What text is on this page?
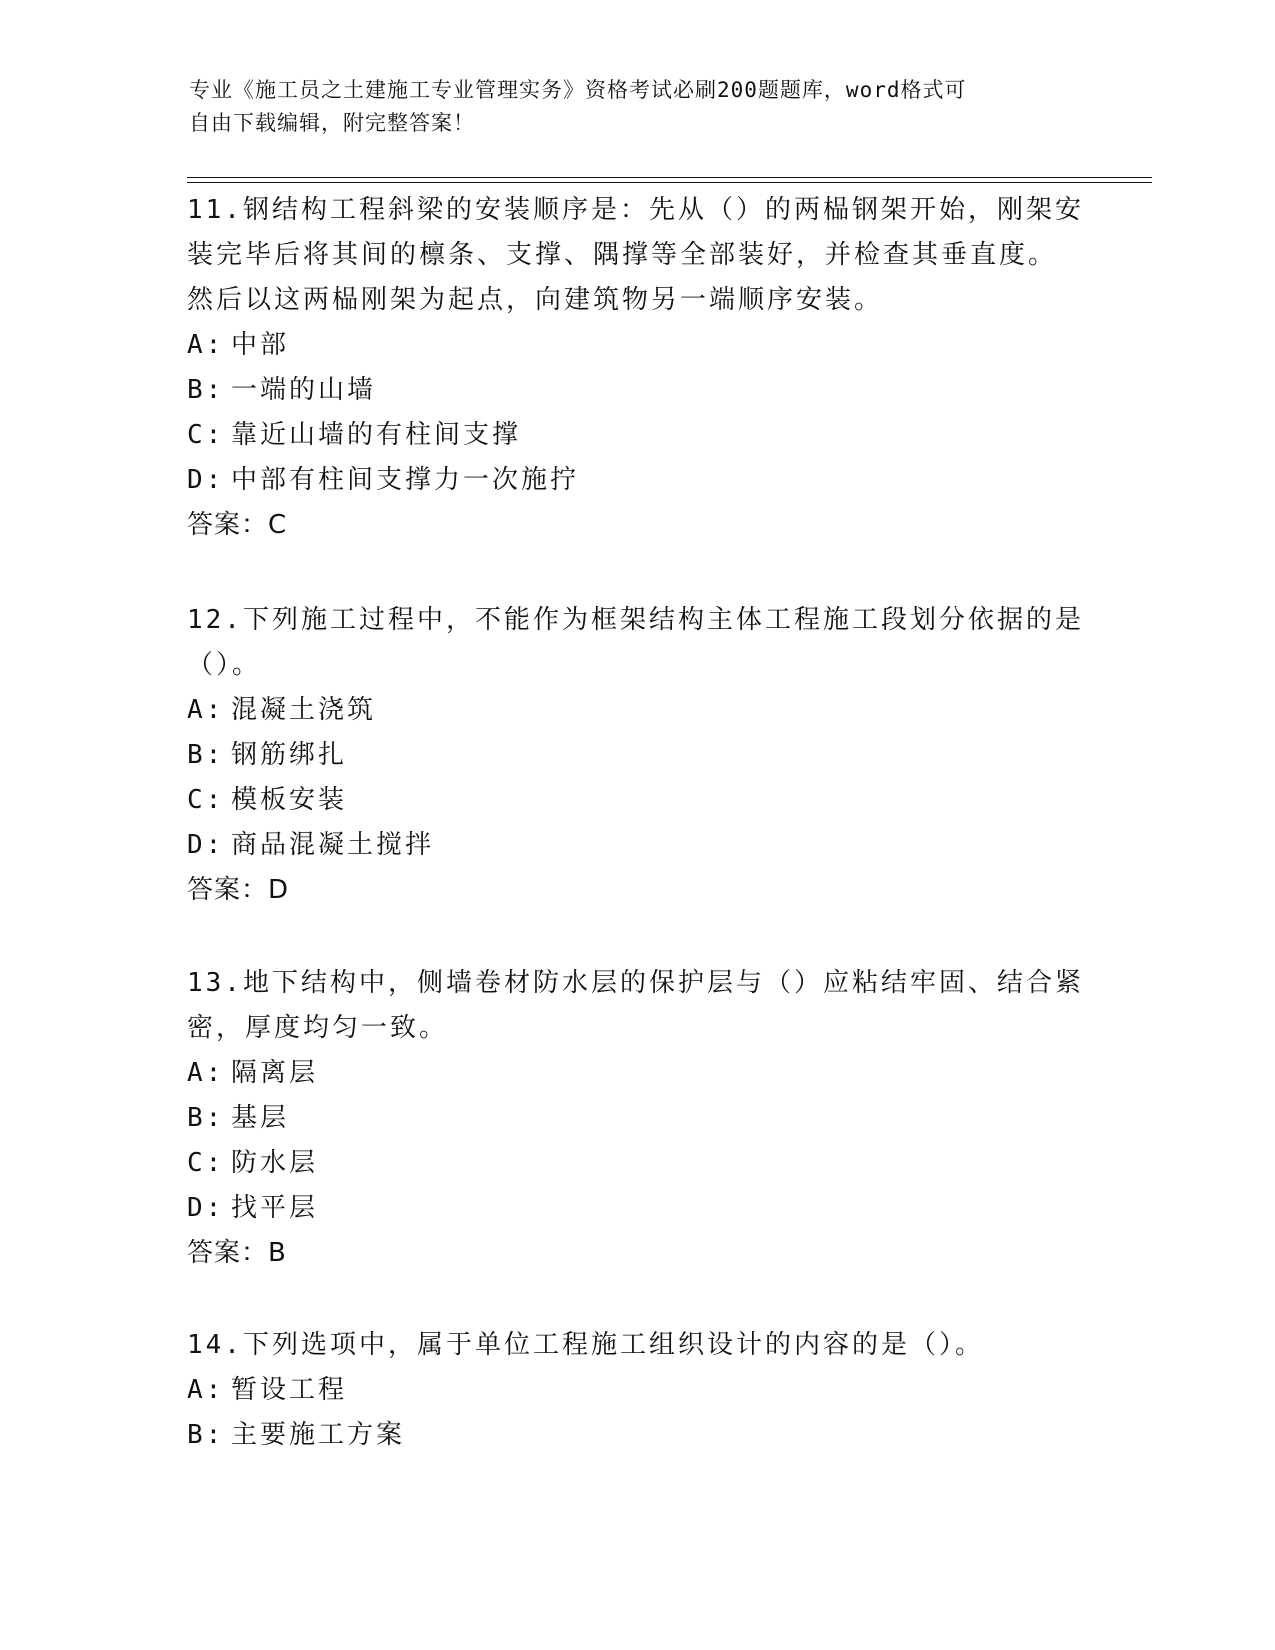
专业《施工员之土建施工专业管理实务》资格考试必刷200题题库，word格式可
自由下载编辑，附完整答案！

11.钢结构工程斜梁的安装顺序是：先从（）的两榀钢架开始，刚架安

装完毕后将其间的檩条、支撑、隅撑等全部装好，并检查其垂直度。

然后以这两榀刚架为起点，向建筑物另一端顺序安装。

A: 中部

B: 一端的山墙

C: 靠近山墙的有柱间支撑

D: 中部有柱间支撑力一次施拧

答案：C

12.下列施工过程中，不能作为框架结构主体工程施工段划分依据的是

（）。

A: 混凝土浇筑

B: 钢筋绑扎

C: 模板安装

D: 商品混凝土搅拌

答案：D

13.地下结构中，侧墙卷材防水层的保护层与（）应粘结牢固、结合紧

密，厚度均匀一致。

A: 隔离层

B: 基层

C: 防水层

D: 找平层

答案：B

14.下列选项中，属于单位工程施工组织设计的内容的是（）。

A: 暂设工程

B: 主要施工方案
